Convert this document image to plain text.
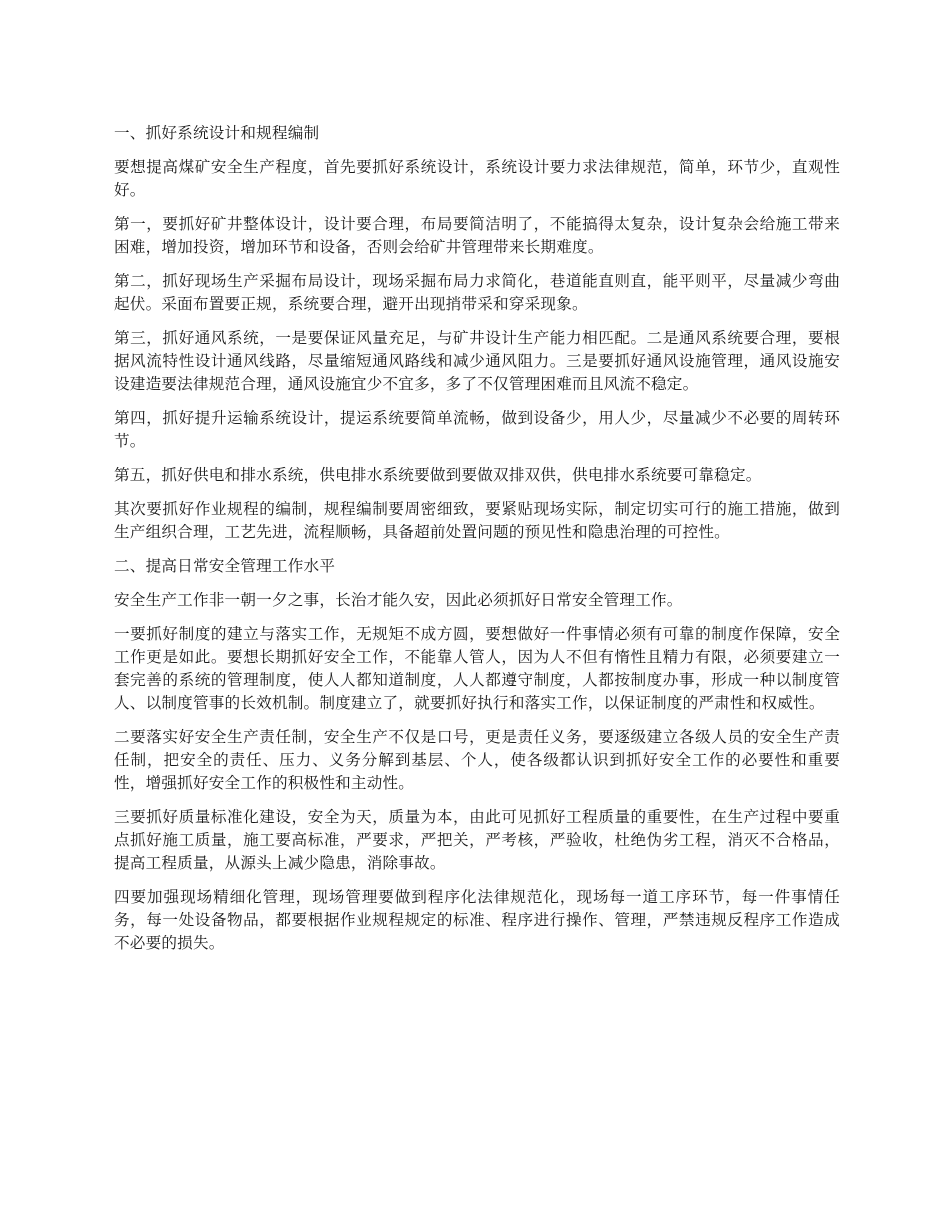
一、抓好系统设计和规程编制

要想提高煤矿安全生产程度，首先要抓好系统设计，系统设计要力求法律规范，简单，环节少，直观性好。

第一，要抓好矿井整体设计，设计要合理，布局要简洁明了，不能搞得太复杂，设计复杂会给施工带来困难，增加投资，增加环节和设备，否则会给矿井管理带来长期难度。

第二，抓好现场生产采掘布局设计，现场采掘布局力求简化，巷道能直则直，能平则平，尽量减少弯曲起伏。采面布置要正规，系统要合理，避开出现捎带采和穿采现象。

第三，抓好通风系统，一是要保证风量充足，与矿井设计生产能力相匹配。二是通风系统要合理，要根据风流特性设计通风线路，尽量缩短通风路线和减少通风阻力。三是要抓好通风设施管理，通风设施安设建造要法律规范合理，通风设施宜少不宜多，多了不仅管理困难而且风流不稳定。

第四，抓好提升运输系统设计，提运系统要简单流畅，做到设备少，用人少，尽量减少不必要的周转环节。

第五，抓好供电和排水系统，供电排水系统要做到要做双排双供，供电排水系统要可靠稳定。

其次要抓好作业规程的编制，规程编制要周密细致，要紧贴现场实际，制定切实可行的施工措施，做到生产组织合理，工艺先进，流程顺畅，具备超前处置问题的预见性和隐患治理的可控性。

二、提高日常安全管理工作水平

安全生产工作非一朝一夕之事，长治才能久安，因此必须抓好日常安全管理工作。

一要抓好制度的建立与落实工作，无规矩不成方圆，要想做好一件事情必须有可靠的制度作保障，安全工作更是如此。要想长期抓好安全工作，不能靠人管人，因为人不但有惰性且精力有限，必须要建立一套完善的系统的管理制度，使人人都知道制度，人人都遵守制度，人都按制度办事，形成一种以制度管人、以制度管事的长效机制。制度建立了，就要抓好执行和落实工作，以保证制度的严肃性和权威性。

二要落实好安全生产责任制，安全生产不仅是口号，更是责任义务，要逐级建立各级人员的安全生产责任制，把安全的责任、压力、义务分解到基层、个人，使各级都认识到抓好安全工作的必要性和重要性，增强抓好安全工作的积极性和主动性。

三要抓好质量标准化建设，安全为天，质量为本，由此可见抓好工程质量的重要性，在生产过程中要重点抓好施工质量，施工要高标准，严要求，严把关，严考核，严验收，杜绝伪劣工程，消灭不合格品，提高工程质量，从源头上减少隐患，消除事故。

四要加强现场精细化管理，现场管理要做到程序化法律规范化，现场每一道工序环节，每一件事情任务，每一处设备物品，都要根据作业规程规定的标准、程序进行操作、管理，严禁违规反程序工作造成不必要的损失。
